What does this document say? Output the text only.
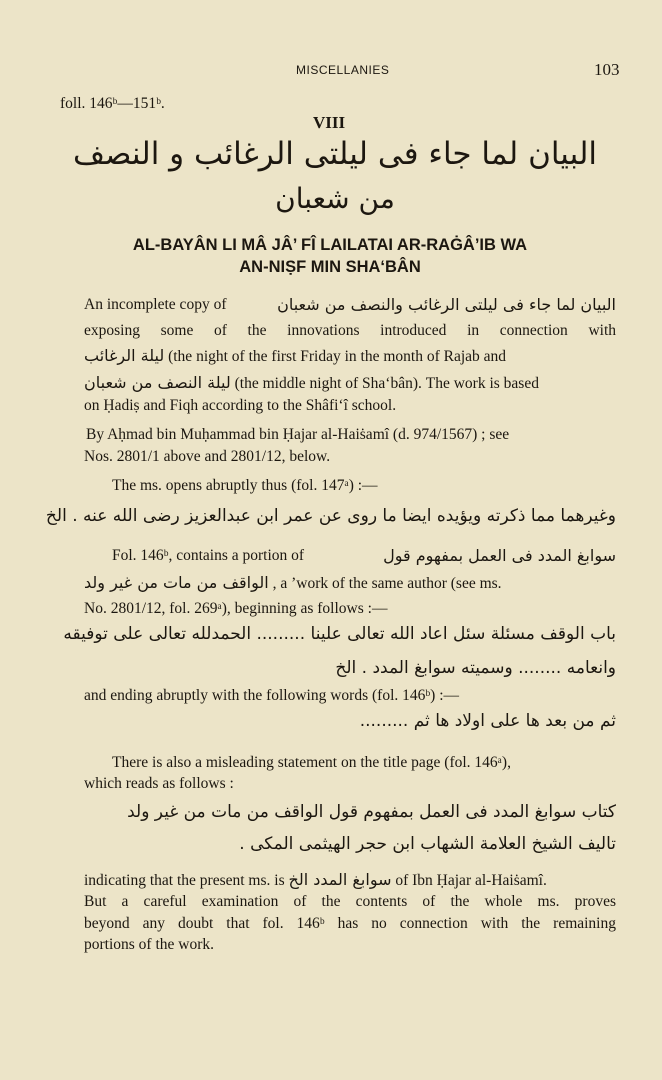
MISCELLANIES	103
foll. 146ᵇ—151ᵇ.
VIII
البيان لما جاء فى ليلتى الرغائب و النصف
من شعبان
AL-BAYÂN LI MÂ JÂ’ FÎ LAILATAI AR-RAĠÂ’IB WA
AN-NIṢF MIN SHA‘BÂN
An incomplete copy of	البيان لما جاء فى ليلتى الرغائب والنصف من شعبان
exposing some of the innovations introduced in connection with
ليلة الرغائب (the night of the first Friday in the month of Rajab and
ليلة النصف من شعبان (the middle night of Sha‘bân). The work is based
on Ḥadiṣ and Fiqh according to the Shâfi‘î school.
By Aḥmad bin Muḥammad bin Ḥajar al-Haiṡamî (d. 974/1567) ; see
Nos. 2801/1 above and 2801/12, below.
The ms. opens abruptly thus (fol. 147ᵃ) :—
وغيرهما مما ذكرته ويؤيده ايضا ما روى عن عمر ابن عبدالعزيز رضى الله عنه . الخ
Fol. 146ᵇ, contains a portion of	سوابغ المدد فى العمل بمفهوم قول
الواقف من مات من غير ولد , a ’work of the same author (see ms.
No. 2801/12, fol. 269ᵃ), beginning as follows :—
باب الوقف مسئلة سئل اعاد الله تعالى علينا ......... الحمدلله تعالى على توفيقه
وانعامه ........ وسميته سوابغ المدد . الخ
and ending abruptly with the following words (fol. 146ᵇ) :—
ثم من بعد ها على اولاد ها ثم .........
There is also a misleading statement on the title page (fol. 146ᵃ),
which reads as follows :
كتاب سوابغ المدد فى العمل بمفهوم قول الواقف من مات من غير ولد
تاليف الشيخ العلامة الشهاب ابن حجر الهيثمى المكى .
indicating that the present ms. is سوابغ المدد الخ of Ibn Ḥajar al-Haiṡamî.
But a careful examination of the contents of the whole ms. proves
beyond any doubt that fol. 146ᵇ has no connection with the remaining
portions of the work.
